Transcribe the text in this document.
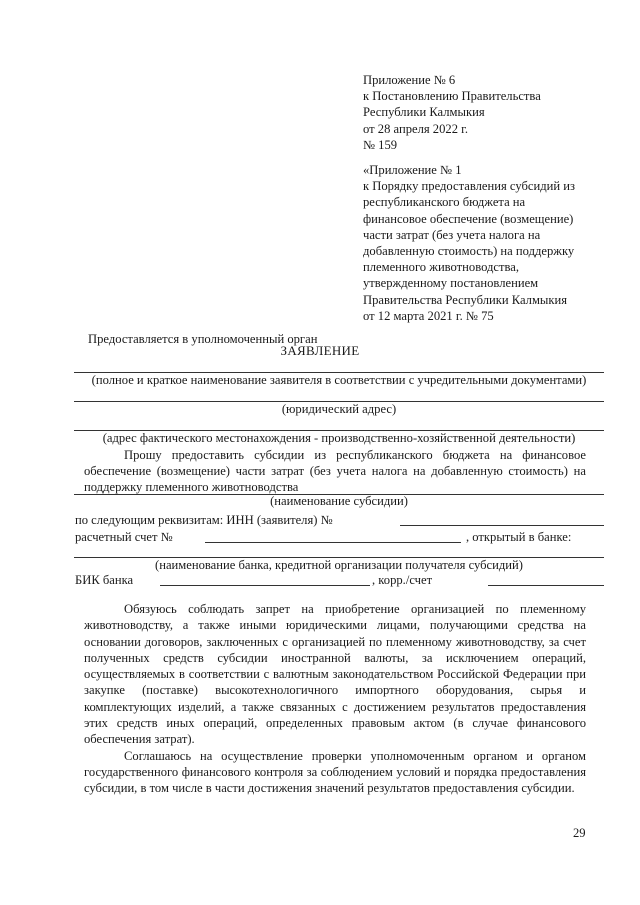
Приложение № 6
к Постановлению Правительства
Республики Калмыкия
от 28 апреля 2022 г.
№ 159
«Приложение № 1
к Порядку предоставления субсидий из
республиканского бюджета на
финансовое обеспечение (возмещение)
части затрат (без учета налога на
добавленную стоимость) на поддержку
племенного животноводства,
утвержденному постановлением
Правительства Республики Калмыкия
от 12 марта 2021 г. № 75
Предоставляется в уполномоченный орган
ЗАЯВЛЕНИЕ
(полное и краткое наименование заявителя в соответствии с учредительными документами)
(юридический адрес)
(адрес фактического местонахождения - производственно-хозяйственной деятельности)
Прошу предоставить субсидии из республиканского бюджета на финансовое
обеспечение (возмещение) части затрат (без учета налога на добавленную стоимость) на
поддержку племенного животноводства
(наименование субсидии)
по следующим реквизитам: ИНН (заявителя) №
расчетный счет №	, открытый в банке:
(наименование банка, кредитной организации получателя субсидий)
БИК банка	, корр./счет

Обязуюсь соблюдать запрет на приобретение организацией по племенному животноводству, а также иными юридическими лицами, получающими средства на основании договоров, заключенных с организацией по племенному животноводству, за счет полученных средств субсидии иностранной валюты, за исключением операций, осуществляемых в соответствии с валютным законодательством Российской Федерации при закупке (поставке) высокотехнологичного импортного оборудования, сырья и комплектующих изделий, а также связанных с достижением результатов предоставления этих средств иных операций, определенных правовым актом (в случае финансового обеспечения затрат).

Соглашаюсь на осуществление проверки уполномоченным органом и органом государственного финансового контроля за соблюдением условий и порядка предоставления субсидии, в том числе в части достижения значений результатов предоставления субсидии.

29
